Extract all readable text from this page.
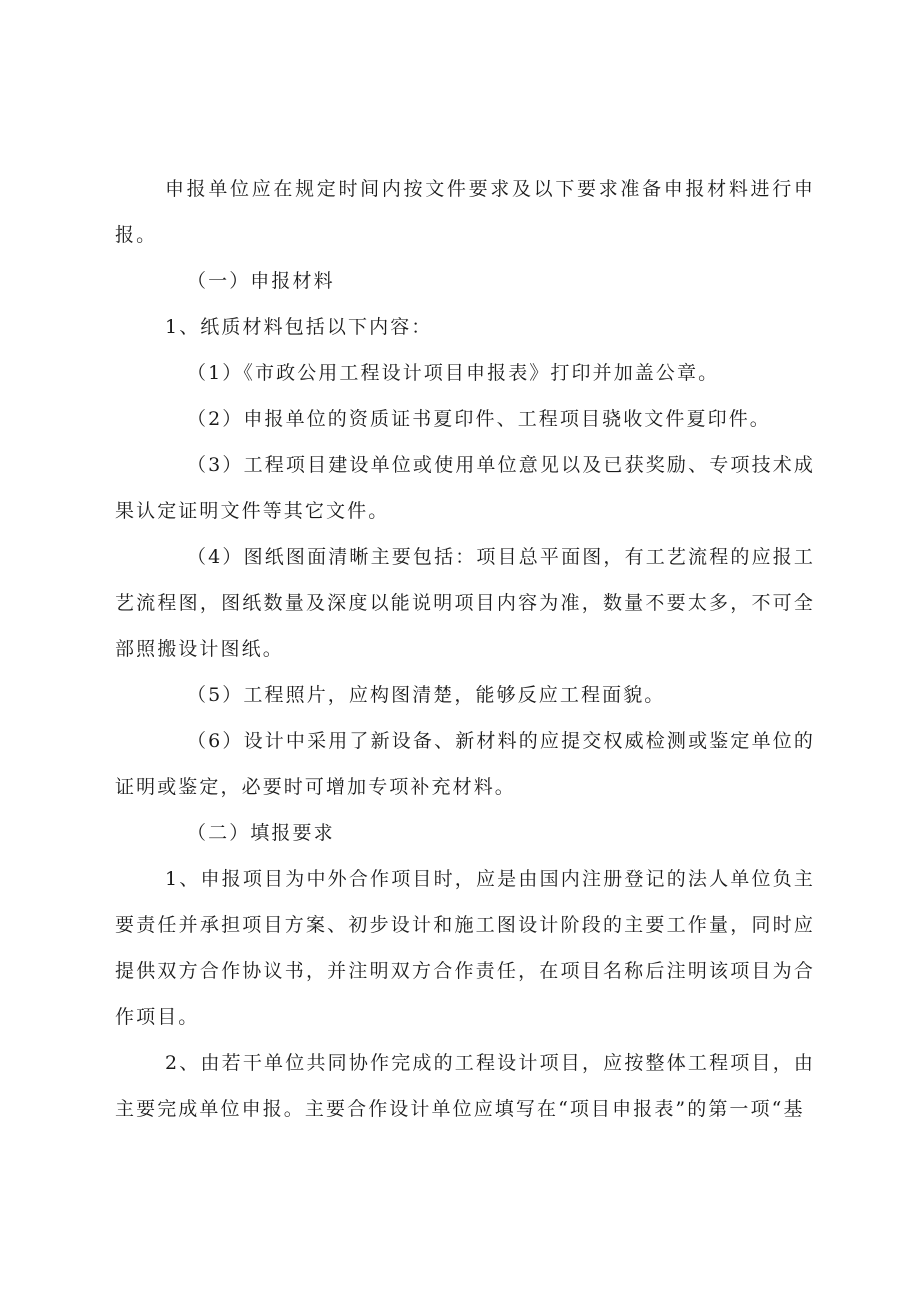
申报单位应在规定时间内按文件要求及以下要求准备申报材料进行申报。

（一）申报材料

1、纸质材料包括以下内容：

（1）《市政公用工程设计项目申报表》打印并加盖公章。

（2）申报单位的资质证书夏印件、工程项目骁收文件夏印件。

（3）工程项目建设单位或使用单位意见以及已获奖励、专项技术成果认定证明文件等其它文件。

（4）图纸图面清晰主要包括：项目总平面图，有工艺流程的应报工艺流程图，图纸数量及深度以能说明项目内容为准，数量不要太多，不可全部照搬设计图纸。

（5）工程照片，应构图清楚，能够反应工程面貌。

（6）设计中采用了新设备、新材料的应提交权威检测或鉴定单位的证明或鉴定，必要时可增加专项补充材料。

（二）填报要求

1、申报项目为中外合作项目时，应是由国内注册登记的法人单位负主要责任并承担项目方案、初步设计和施工图设计阶段的主要工作量，同时应提供双方合作协议书，并注明双方合作责任，在项目名称后注明该项目为合作项目。

2、由若干单位共同协作完成的工程设计项目，应按整体工程项目，由主要完成单位申报。主要合作设计单位应填写在“项目申报表”的第一项“基
